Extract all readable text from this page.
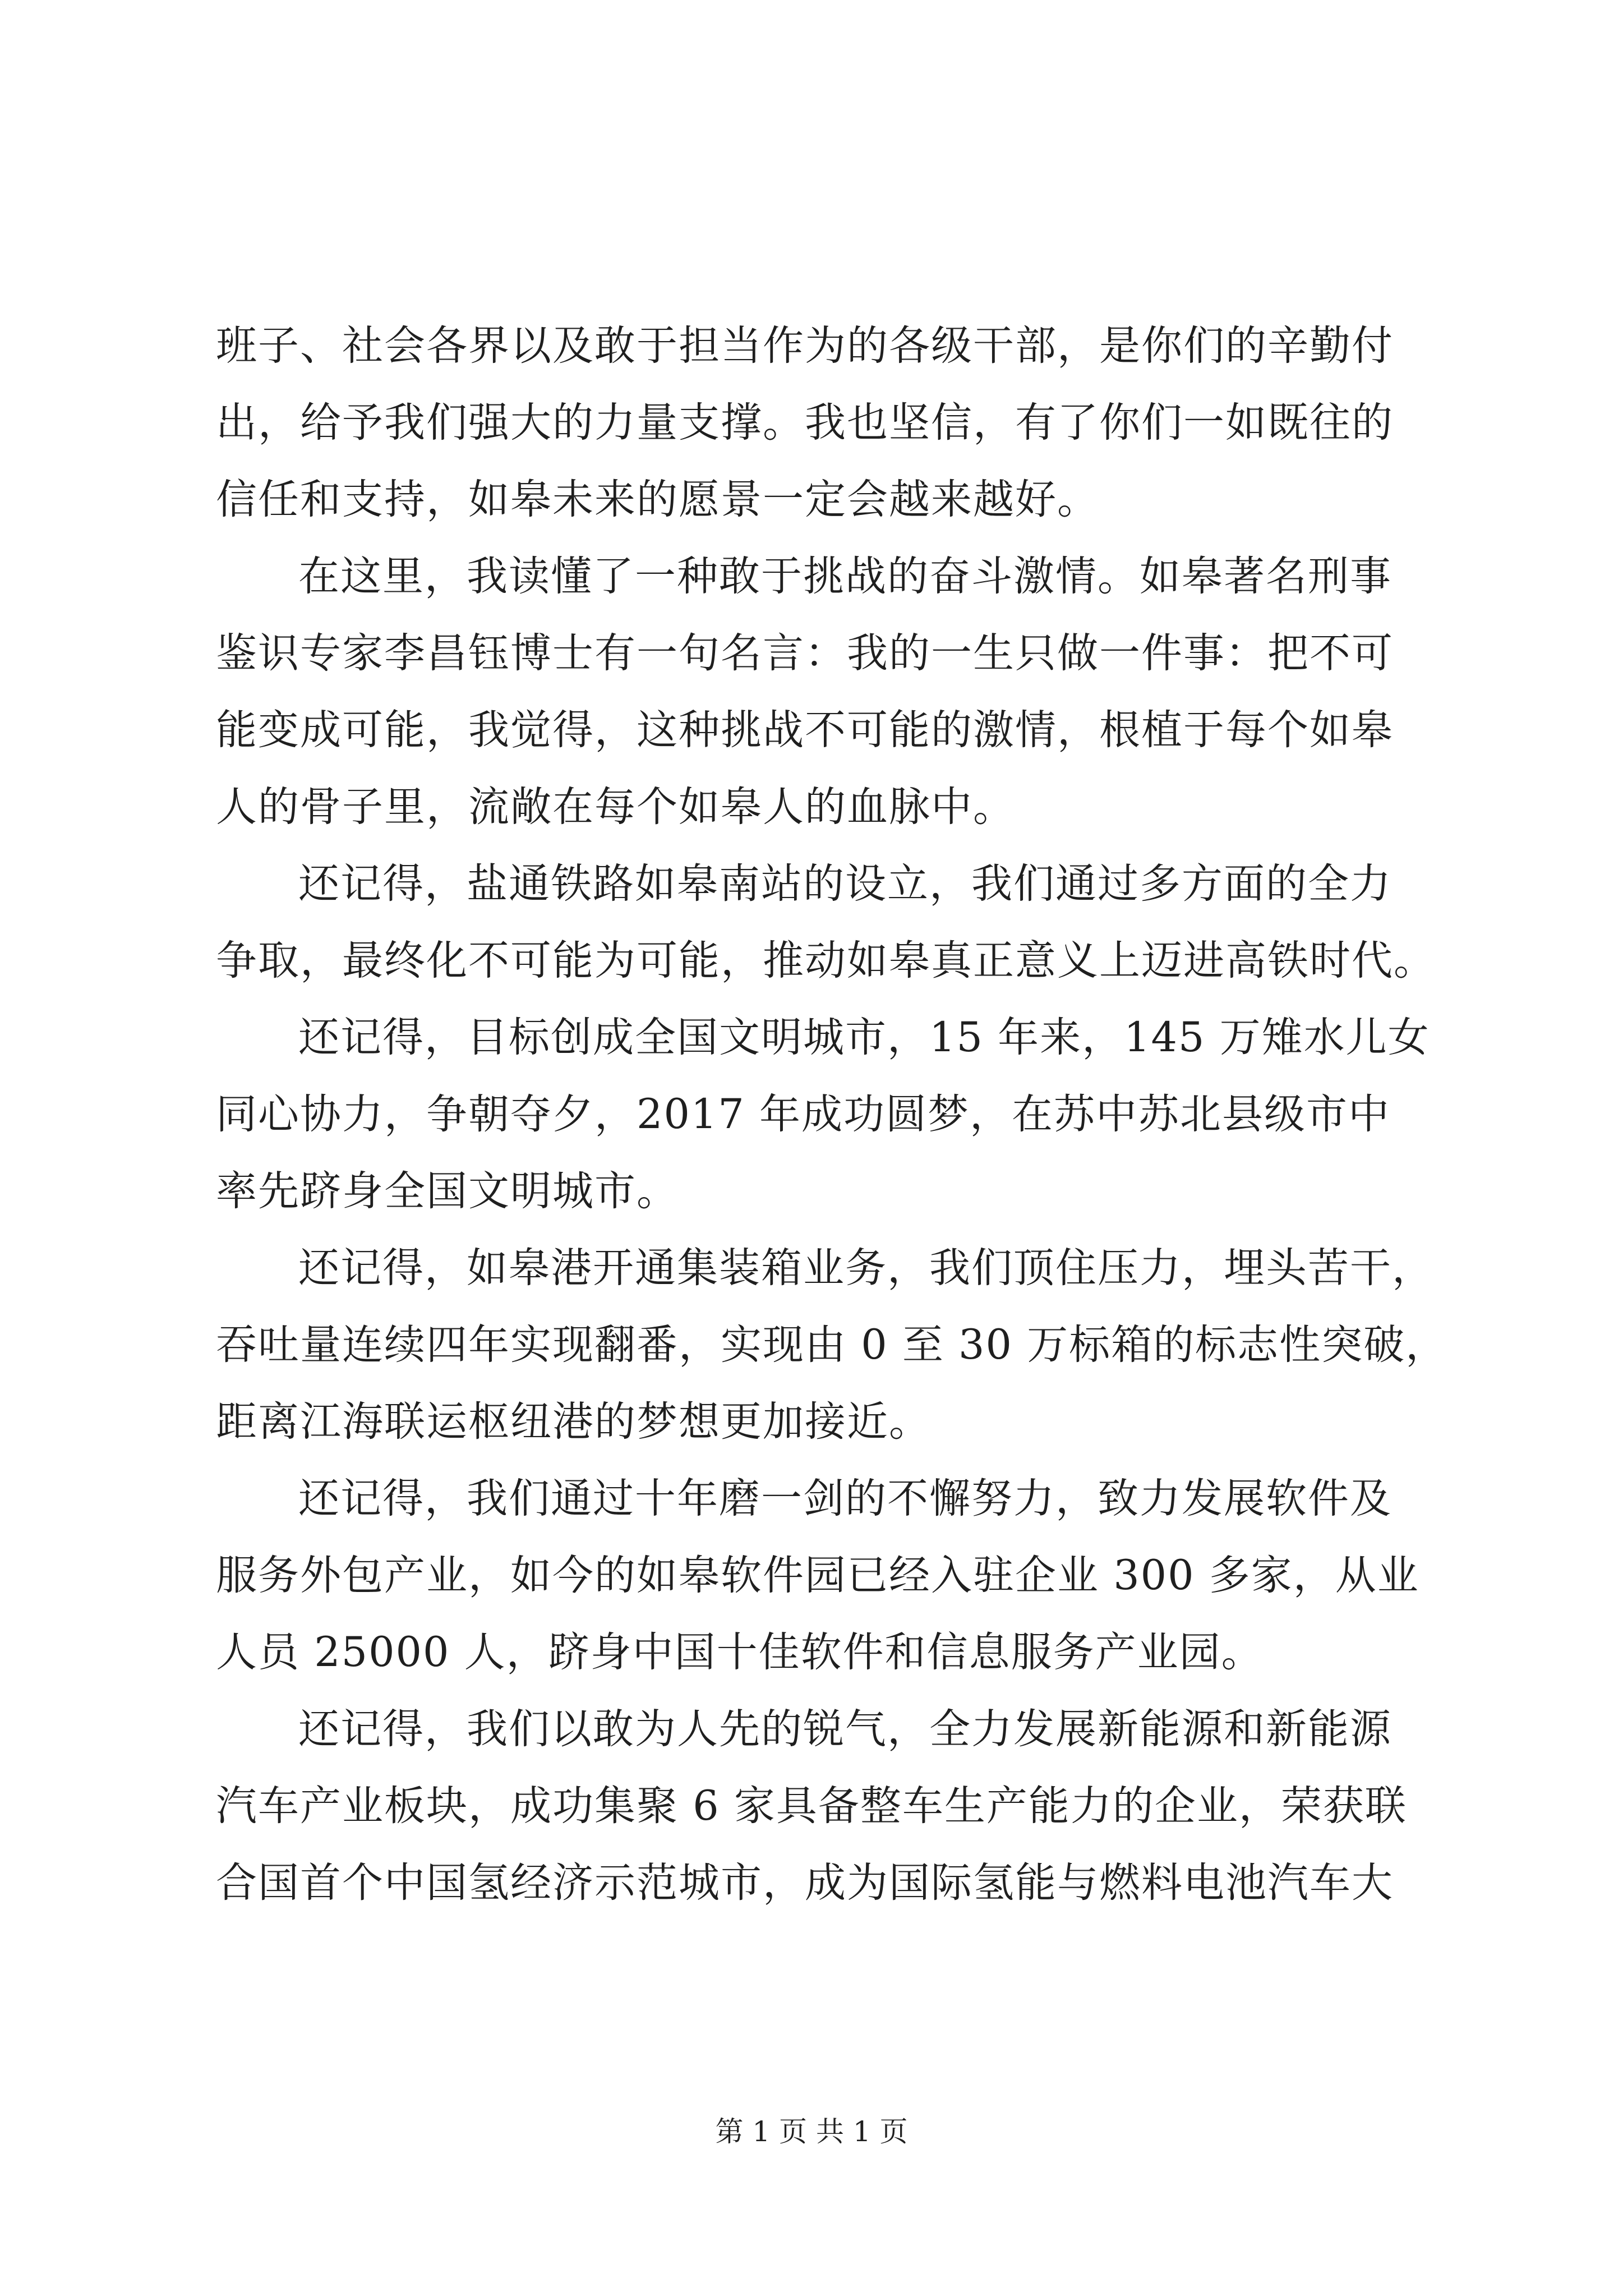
班子、社会各界以及敢于担当作为的各级干部，是你们的辛勤付
出，给予我们强大的力量支撑。我也坚信，有了你们一如既往的
信任和支持，如皋未来的愿景一定会越来越好。
在这里，我读懂了一种敢于挑战的奋斗激情。如皋著名刑事
鉴识专家李昌钰博士有一句名言：我的一生只做一件事：把不可
能变成可能，我觉得，这种挑战不可能的激情，根植于每个如皋
人的骨子里，流敞在每个如皋人的血脉中。
还记得，盐通铁路如皋南站的设立，我们通过多方面的全力
争取，最终化不可能为可能，推动如皋真正意义上迈进高铁时代。
还记得，目标创成全国文明城市，15 年来，145 万雉水儿女
同心协力，争朝夺夕，2017 年成功圆梦，在苏中苏北县级市中
率先跻身全国文明城市。
还记得，如皋港开通集装箱业务，我们顶住压力，埋头苦干，
吞吐量连续四年实现翻番，实现由 0 至 30 万标箱的标志性突破，
距离江海联运枢纽港的梦想更加接近。
还记得，我们通过十年磨一剑的不懈努力，致力发展软件及
服务外包产业，如今的如皋软件园已经入驻企业 300 多家，从业
人员 25000 人，跻身中国十佳软件和信息服务产业园。
还记得，我们以敢为人先的锐气，全力发展新能源和新能源
汽车产业板块，成功集聚 6 家具备整车生产能力的企业，荣获联
合国首个中国氢经济示范城市，成为国际氢能与燃料电池汽车大
第 1 页 共 1 页
